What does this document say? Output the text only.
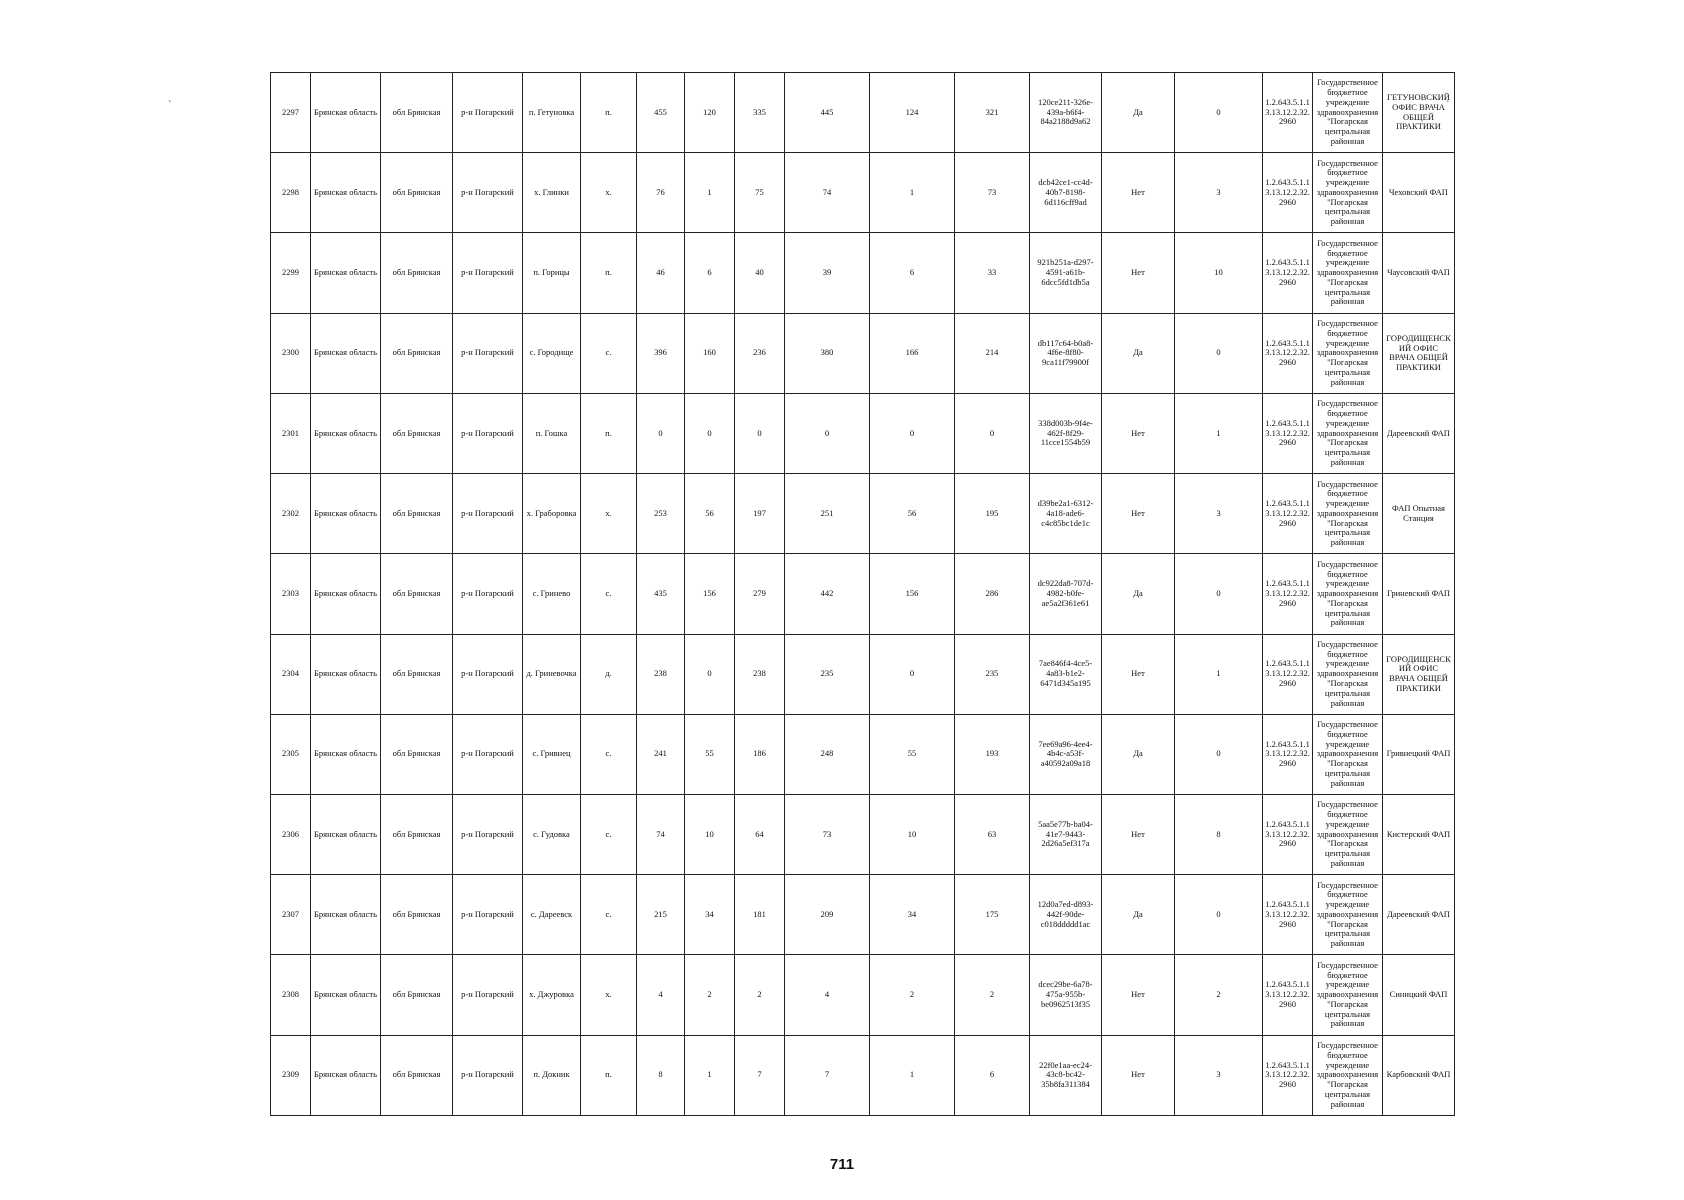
2297	Брянская область	обл Брянская	р-н Погарский	п. Гетуновка	п.	455	120	335	445	124	321	120ce211-326e-439a-b6f4-84a2188d9a62	Да	0	1.2.643.5.1.13.13.12.2.32.2960	Государственное бюджетное учреждение здравоохранения "Погарская центральная районная	ГЕТУНОВСКИЙ ОФИС ВРАЧА ОБЩЕЙ ПРАКТИКИ
2298	Брянская область	обл Брянская	р-н Погарский	х. Глинки	х.	76	1	75	74	1	73	dcb42ce1-cc4d-40b7-8198-6d116cff9ad	Нет	3	1.2.643.5.1.13.13.12.2.32.2960	Государственное бюджетное учреждение здравоохранения "Погарская центральная районная	Чеховский ФАП
2299	Брянская область	обл Брянская	р-н Погарский	п. Горицы	п.	46	6	40	39	6	33	921b251a-d297-4591-a61b-6dcc5fd1db5a	Нет	10	1.2.643.5.1.13.13.12.2.32.2960	Государственное бюджетное учреждение здравоохранения "Погарская центральная районная	Чаусовский ФАП
2300	Брянская область	обл Брянская	р-н Погарский	с. Городище	с.	396	160	236	380	166	214	db117c64-b0a8-4f6e-8f80-9ca11f79900f	Да	0	1.2.643.5.1.13.13.12.2.32.2960	Государственное бюджетное учреждение здравоохранения "Погарская центральная районная	ГОРОДИЩЕНСКИЙ ОФИС ВРАЧА ОБЩЕЙ ПРАКТИКИ
2301	Брянская область	обл Брянская	р-н Погарский	п. Гошка	п.	0	0	0	0	0	0	338d003b-9f4e-462f-8f29-11cce1554b59	Нет	1	1.2.643.5.1.13.13.12.2.32.2960	Государственное бюджетное учреждение здравоохранения "Погарская центральная районная	Дареевский ФАП
2302	Брянская область	обл Брянская	р-н Погарский	х. Граборовка	х.	253	56	197	251	56	195	d39be2a1-6312-4a18-ade6-c4c85bc1de1c	Нет	3	1.2.643.5.1.13.13.12.2.32.2960	Государственное бюджетное учреждение здравоохранения "Погарская центральная районная	ФАП Опытная Станция
2303	Брянская область	обл Брянская	р-н Погарский	с. Гринево	с.	435	156	279	442	156	286	dc922da8-707d-4982-b0fe-ae5a2f361e61	Да	0	1.2.643.5.1.13.13.12.2.32.2960	Государственное бюджетное учреждение здравоохранения "Погарская центральная районная	Гриневский ФАП
2304	Брянская область	обл Брянская	р-н Погарский	д. Гриневочка	д.	238	0	238	235	0	235	7ae846f4-4ce5-4a83-b1e2-6471d345a195	Нет	1	1.2.643.5.1.13.13.12.2.32.2960	Государственное бюджетное учреждение здравоохранения "Погарская центральная районная	ГОРОДИЩЕНСКИЙ ОФИС ВРАЧА ОБЩЕЙ ПРАКТИКИ
2305	Брянская область	обл Брянская	р-н Погарский	с. Гривнец	с.	241	55	186	248	55	193	7ee69a96-4ee4-4b4c-a53f-a40592a09a18	Да	0	1.2.643.5.1.13.13.12.2.32.2960	Государственное бюджетное учреждение здравоохранения "Погарская центральная районная	Гривнецкий ФАП
2306	Брянская область	обл Брянская	р-н Погарский	с. Гудовка	с.	74	10	64	73	10	63	5aa5e77b-ba04-41e7-9443-2d26a5ef317a	Нет	8	1.2.643.5.1.13.13.12.2.32.2960	Государственное бюджетное учреждение здравоохранения "Погарская центральная районная	Кистерский ФАП
2307	Брянская область	обл Брянская	р-н Погарский	с. Дареевск	с.	215	34	181	209	34	175	12d0a7ed-d893-442f-90de-c018ddddd1ac	Да	0	1.2.643.5.1.13.13.12.2.32.2960	Государственное бюджетное учреждение здравоохранения "Погарская центральная районная	Дареевский ФАП
2308	Брянская область	обл Брянская	р-н Погарский	х. Джуровка	х.	4	2	2	4	2	2	dcec29be-6a78-475a-955b-be0962513f35	Нет	2	1.2.643.5.1.13.13.12.2.32.2960	Государственное бюджетное учреждение здравоохранения "Погарская центральная районная	Синицкий ФАП
2309	Брянская область	обл Брянская	р-н Погарский	п. Докник	п.	8	1	7	7	1	6	22f0e1aa-ec24-43c8-bc42-35b8fa311384	Нет	3	1.2.643.5.1.13.13.12.2.32.2960	Государственное бюджетное учреждение здравоохранения "Погарская центральная районная	Карбовский ФАП
`	`
711
